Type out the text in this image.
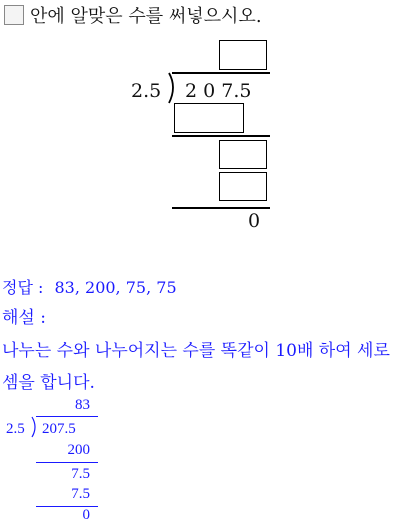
안에 알맞은 수를 써넣으시오.
2.5 2 0 7.5
0
정답 : 83, 200, 75, 75
해설 :
나누는 수와 나누어지는 수를 똑같이 10배 하여 세로
셈을 합니다.
83
2.5 207.5
200
7.5
7.5
0
